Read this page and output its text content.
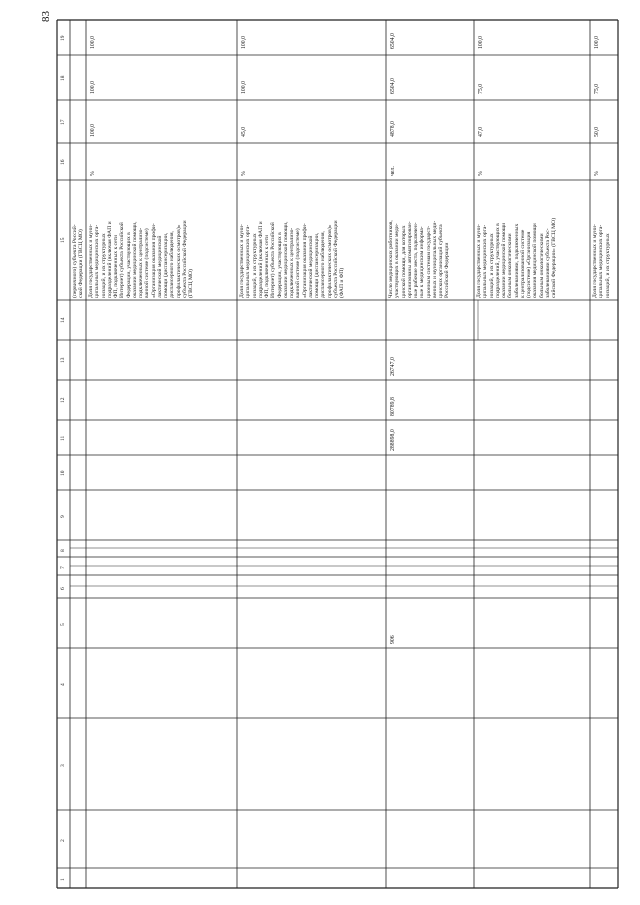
83
19
18
17
16
15
14
13
12
11
10
9
8
7
6
5
4
3
2
1
(первичного) субъекта Россий- ской Федерации (ГВСЦ МО) Доля государственных и муни- ципальных медицинских орга- низаций, и их структурных подразделений (включая ФАП и ФП, подключенных к сети Интернет) субъекта Российской Федерации, участвующих в оказании медицинской помощи, подключенных к централизо- ванной системе (подсистеме) «Организация оказания профи- лактической медицинской помощи (диспансеризации, диспансерного наблюдения, профилактических осмотров)» субъекта Российской Федерации (ГВСЦ МО)
%
100,0
100,0
100,0
Доля государственных и муни- ципальных медицинских орга- низаций, и их структурных подразделений (включая ФАП и ФП, подключенных к сети Интернет) субъекта Российской Федерации, участвующих в оказании медицинской помощи, подключенных к централизо- ванной системе (подсистеме) «Организация оказания профи- лактической медицинской помощи (диспансеризации, диспансерного наблюдения, профилактических осмотров)» субъекта Российской Федерации (ФАП и ФП)
%
45,0
100,0
100,0
Число медицинских работников, участвующих в оказании меди- цинской помощи, для которых организованы автоматизирован- ные рабочие места, подключен- ные к медицинским информа- ционным системам государст- венных и муниципальных меди- цинских организаций субъекта Российской Федерации
чел.
4878,0
6504,0
6504,0
26747,0
80789,8
288898,0
906
Доля государственных и муни- ципальных медицинских орга- низаций, и их структурных подразделений, участвующих в оказании медицинской помощи больным онкологическими заболеваниями, подключенных к централизованной системе (подсистеме) «Организация оказания медицинской помощи больным онкологическими заболеваниями субъекта Рос- сийской Федерации» (ГВСЦ МО)
%
47,0
75,0
100,0
Доля государственных и муни- ципальных медицинских орга- низаций, и их структурных
%
50,0
75,0
100,0
